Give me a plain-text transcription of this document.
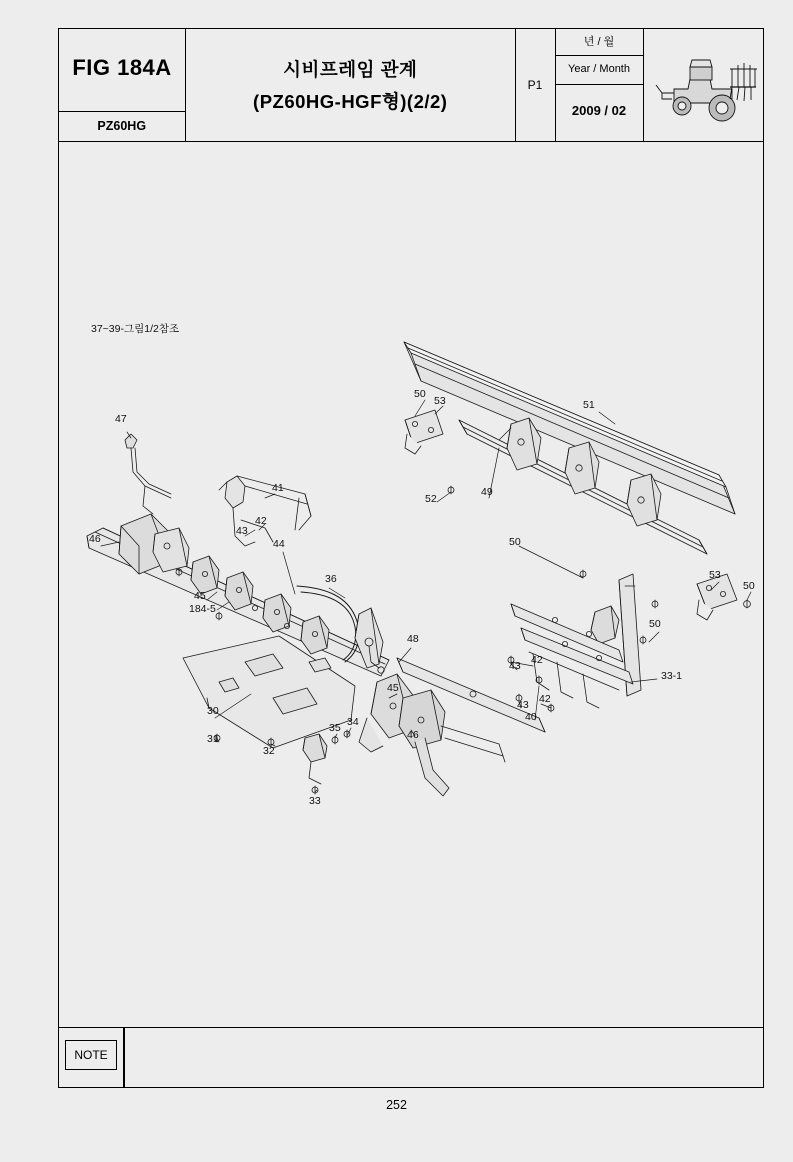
FIG 184A
PZ60HG
시비프레임 관계
(PZ60HG-HGF형)(2/2)
P1
년 / 월
Year / Month
2009 / 02
37~39-그림1/2참조
47
41
42
43
46	44
45
184-5
36
48
30
31
32
33
34
35
45
46
42
43
42
43
40
50
53
52
49
51
50
50
53
50
33-1
NOTE
252
